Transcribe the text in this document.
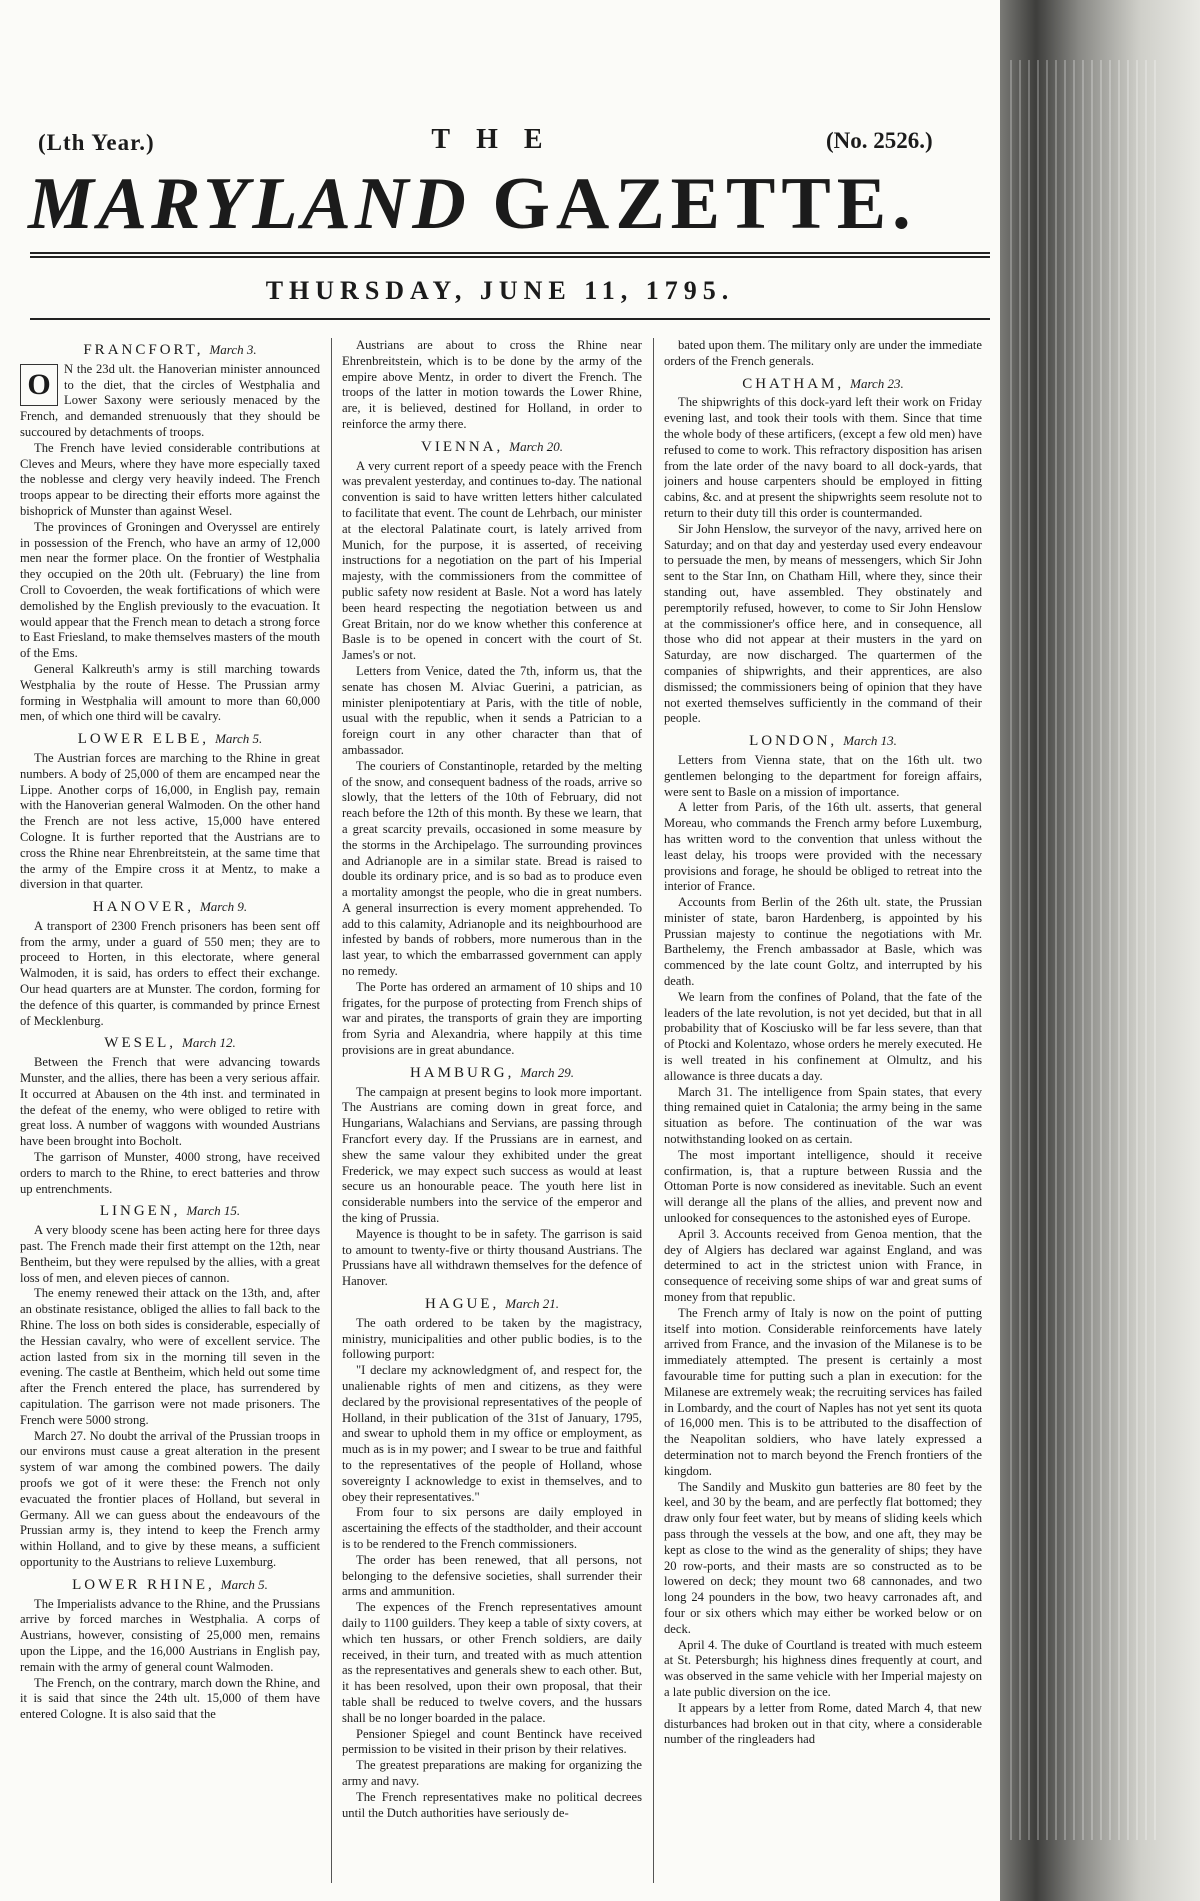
(Lth Year.)	THE	(No. 2526.)
MARYLAND GAZETTE.
THURSDAY, JUNE 11, 1795.
FRANCFORT, March 3.

O	N the 23d ult. the Hanoverian minister announced to the diet, that the circles of Westphalia and Lower Saxony were seriously menaced by the French, and demanded strenuously that they should be succoured by detachments of troops.

The French have levied considerable contributions at Cleves and Meurs, where they have more especially taxed the noblesse and clergy very heavily indeed. The French troops appear to be directing their efforts more against the bishoprick of Munster than against Wesel.

The provinces of Groningen and Overyssel are entirely in possession of the French, who have an army of 12,000 men near the former place. On the frontier of Westphalia they occupied on the 20th ult. (February) the line from Croll to Covoerden, the weak fortifications of which were demolished by the English previously to the evacuation. It would appear that the French mean to detach a strong force to East Friesland, to make themselves masters of the mouth of the Ems.

General Kalkreuth's army is still marching towards Westphalia by the route of Hesse. The Prussian army forming in Westphalia will amount to more than 60,000 men, of which one third will be cavalry.

LOWER ELBE, March 5.

The Austrian forces are marching to the Rhine in great numbers. A body of 25,000 of them are encamped near the Lippe. Another corps of 16,000, in English pay, remain with the Hanoverian general Walmoden. On the other hand the French are not less active, 15,000 have entered Cologne. It is further reported that the Austrians are to cross the Rhine near Ehrenbreitstein, at the same time that the army of the Empire cross it at Mentz, to make a diversion in that quarter.

HANOVER, March 9.

A transport of 2300 French prisoners has been sent off from the army, under a guard of 550 men; they are to proceed to Horten, in this electorate, where general Walmoden, it is said, has orders to effect their exchange. Our head quarters are at Munster. The cordon, forming for the defence of this quarter, is commanded by prince Ernest of Mecklenburg.

WESEL, March 12.

Between the French that were advancing towards Munster, and the allies, there has been a very serious affair. It occurred at Abausen on the 4th inst. and terminated in the defeat of the enemy, who were obliged to retire with great loss. A number of waggons with wounded Austrians have been brought into Bocholt.

The garrison of Munster, 4000 strong, have received orders to march to the Rhine, to erect batteries and throw up entrenchments.

LINGEN, March 15.

A very bloody scene has been acting here for three days past. The French made their first attempt on the 12th, near Bentheim, but they were repulsed by the allies, with a great loss of men, and eleven pieces of cannon.

The enemy renewed their attack on the 13th, and, after an obstinate resistance, obliged the allies to fall back to the Rhine. The loss on both sides is considerable, especially of the Hessian cavalry, who were of excellent service. The action lasted from six in the morning till seven in the evening. The castle at Bentheim, which held out some time after the French entered the place, has surrendered by capitulation. The garrison were not made prisoners. The French were 5000 strong.

March 27. No doubt the arrival of the Prussian troops in our environs must cause a great alteration in the present system of war among the combined powers. The daily proofs we got of it were these: the French not only evacuated the frontier places of Holland, but several in Germany. All we can guess about the endeavours of the Prussian army is, they intend to keep the French army within Holland, and to give by these means, a sufficient opportunity to the Austrians to relieve Luxemburg.

LOWER RHINE, March 5.

The Imperialists advance to the Rhine, and the Prussians arrive by forced marches in Westphalia. A corps of Austrians, however, consisting of 25,000 men, remains upon the Lippe, and the 16,000 Austrians in English pay, remain with the army of general count Walmoden.

The French, on the contrary, march down the Rhine, and it is said that since the 24th ult. 15,000 of them have entered Cologne. It is also said that the

Austrians are about to cross the Rhine near Ehrenbreitstein, which is to be done by the army of the empire above Mentz, in order to divert the French. The troops of the latter in motion towards the Lower Rhine, are, it is believed, destined for Holland, in order to reinforce the army there.

VIENNA, March 20.

A very current report of a speedy peace with the French was prevalent yesterday, and continues to-day. The national convention is said to have written letters hither calculated to facilitate that event. The count de Lehrbach, our minister at the electoral Palatinate court, is lately arrived from Munich, for the purpose, it is asserted, of receiving instructions for a negotiation on the part of his Imperial majesty, with the commissioners from the committee of public safety now resident at Basle. Not a word has lately been heard respecting the negotiation between us and Great Britain, nor do we know whether this conference at Basle is to be opened in concert with the court of St. James's or not.

Letters from Venice, dated the 7th, inform us, that the senate has chosen M. Alviac Guerini, a patrician, as minister plenipotentiary at Paris, with the title of noble, usual with the republic, when it sends a Patrician to a foreign court in any other character than that of ambassador.

The couriers of Constantinople, retarded by the melting of the snow, and consequent badness of the roads, arrive so slowly, that the letters of the 10th of February, did not reach before the 12th of this month. By these we learn, that a great scarcity prevails, occasioned in some measure by the storms in the Archipelago. The surrounding provinces and Adrianople are in a similar state. Bread is raised to double its ordinary price, and is so bad as to produce even a mortality amongst the people, who die in great numbers. A general insurrection is every moment apprehended. To add to this calamity, Adrianople and its neighbourhood are infested by bands of robbers, more numerous than in the last year, to which the embarrassed government can apply no remedy.

The Porte has ordered an armament of 10 ships and 10 frigates, for the purpose of protecting from French ships of war and pirates, the transports of grain they are importing from Syria and Alexandria, where happily at this time provisions are in great abundance.

HAMBURG, March 29.

The campaign at present begins to look more important. The Austrians are coming down in great force, and Hungarians, Walachians and Servians, are passing through Francfort every day. If the Prussians are in earnest, and shew the same valour they exhibited under the great Frederick, we may expect such success as would at least secure us an honourable peace. The youth here list in considerable numbers into the service of the emperor and the king of Prussia.

Mayence is thought to be in safety. The garrison is said to amount to twenty-five or thirty thousand Austrians. The Prussians have all withdrawn themselves for the defence of Hanover.

HAGUE, March 21.

The oath ordered to be taken by the magistracy, ministry, municipalities and other public bodies, is to the following purport:

"I declare my acknowledgment of, and respect for, the unalienable rights of men and citizens, as they were declared by the provisional representatives of the people of Holland, in their publication of the 31st of January, 1795, and swear to uphold them in my office or employment, as much as is in my power; and I swear to be true and faithful to the representatives of the people of Holland, whose sovereignty I acknowledge to exist in themselves, and to obey their representatives."

From four to six persons are daily employed in ascertaining the effects of the stadtholder, and their account is to be rendered to the French commissioners.

The order has been renewed, that all persons, not belonging to the defensive societies, shall surrender their arms and ammunition.

The expences of the French representatives amount daily to 1100 guilders. They keep a table of sixty covers, at which ten hussars, or other French soldiers, are daily received, in their turn, and treated with as much attention as the representatives and generals shew to each other. But, it has been resolved, upon their own proposal, that their table shall be reduced to twelve covers, and the hussars shall be no longer boarded in the palace.

Pensioner Spiegel and count Bentinck have received permission to be visited in their prison by their relatives.

The greatest preparations are making for organizing the army and navy.

The French representatives make no political decrees until the Dutch authorities have seriously de-

bated upon them. The military only are under the immediate orders of the French generals.

CHATHAM, March 23.

The shipwrights of this dock-yard left their work on Friday evening last, and took their tools with them. Since that time the whole body of these artificers, (except a few old men) have refused to come to work. This refractory disposition has arisen from the late order of the navy board to all dock-yards, that joiners and house carpenters should be employed in fitting cabins, &c. and at present the shipwrights seem resolute not to return to their duty till this order is countermanded.

Sir John Henslow, the surveyor of the navy, arrived here on Saturday; and on that day and yesterday used every endeavour to persuade the men, by means of messengers, which Sir John sent to the Star Inn, on Chatham Hill, where they, since their standing out, have assembled. They obstinately and peremptorily refused, however, to come to Sir John Henslow at the commissioner's office here, and in consequence, all those who did not appear at their musters in the yard on Saturday, are now discharged. The quartermen of the companies of shipwrights, and their apprentices, are also dismissed; the commissioners being of opinion that they have not exerted themselves sufficiently in the command of their people.

LONDON, March 13.

Letters from Vienna state, that on the 16th ult. two gentlemen belonging to the department for foreign affairs, were sent to Basle on a mission of importance.

A letter from Paris, of the 16th ult. asserts, that general Moreau, who commands the French army before Luxemburg, has written word to the convention that unless without the least delay, his troops were provided with the necessary provisions and forage, he should be obliged to retreat into the interior of France.

Accounts from Berlin of the 26th ult. state, the Prussian minister of state, baron Hardenberg, is appointed by his Prussian majesty to continue the negotiations with Mr. Barthelemy, the French ambassador at Basle, which was commenced by the late count Goltz, and interrupted by his death.

We learn from the confines of Poland, that the fate of the leaders of the late revolution, is not yet decided, but that in all probability that of Kosciusko will be far less severe, than that of Ptocki and Kolentazo, whose orders he merely executed. He is well treated in his confinement at Olmultz, and his allowance is three ducats a day.

March 31. The intelligence from Spain states, that every thing remained quiet in Catalonia; the army being in the same situation as before. The continuation of the war was notwithstanding looked on as certain.

The most important intelligence, should it receive confirmation, is, that a rupture between Russia and the Ottoman Porte is now considered as inevitable. Such an event will derange all the plans of the allies, and prevent now and unlooked for consequences to the astonished eyes of Europe.

April 3. Accounts received from Genoa mention, that the dey of Algiers has declared war against England, and was determined to act in the strictest union with France, in consequence of receiving some ships of war and great sums of money from that republic.

The French army of Italy is now on the point of putting itself into motion. Considerable reinforcements have lately arrived from France, and the invasion of the Milanese is to be immediately attempted. The present is certainly a most favourable time for putting such a plan in execution: for the Milanese are extremely weak; the recruiting services has failed in Lombardy, and the court of Naples has not yet sent its quota of 16,000 men. This is to be attributed to the disaffection of the Neapolitan soldiers, who have lately expressed a determination not to march beyond the French frontiers of the kingdom.

The Sandily and Muskito gun batteries are 80 feet by the keel, and 30 by the beam, and are perfectly flat bottomed; they draw only four feet water, but by means of sliding keels which pass through the vessels at the bow, and one aft, they may be kept as close to the wind as the generality of ships; they have 20 row-ports, and their masts are so constructed as to be lowered on deck; they mount two 68 cannonades, and two long 24 pounders in the bow, two heavy carronades aft, and four or six others which may either be worked below or on deck.

April 4. The duke of Courtland is treated with much esteem at St. Petersburgh; his highness dines frequently at court, and was observed in the same vehicle with her Imperial majesty on a late public diversion on the ice.

It appears by a letter from Rome, dated March 4, that new disturbances had broken out in that city, where a considerable number of the ringleaders had
